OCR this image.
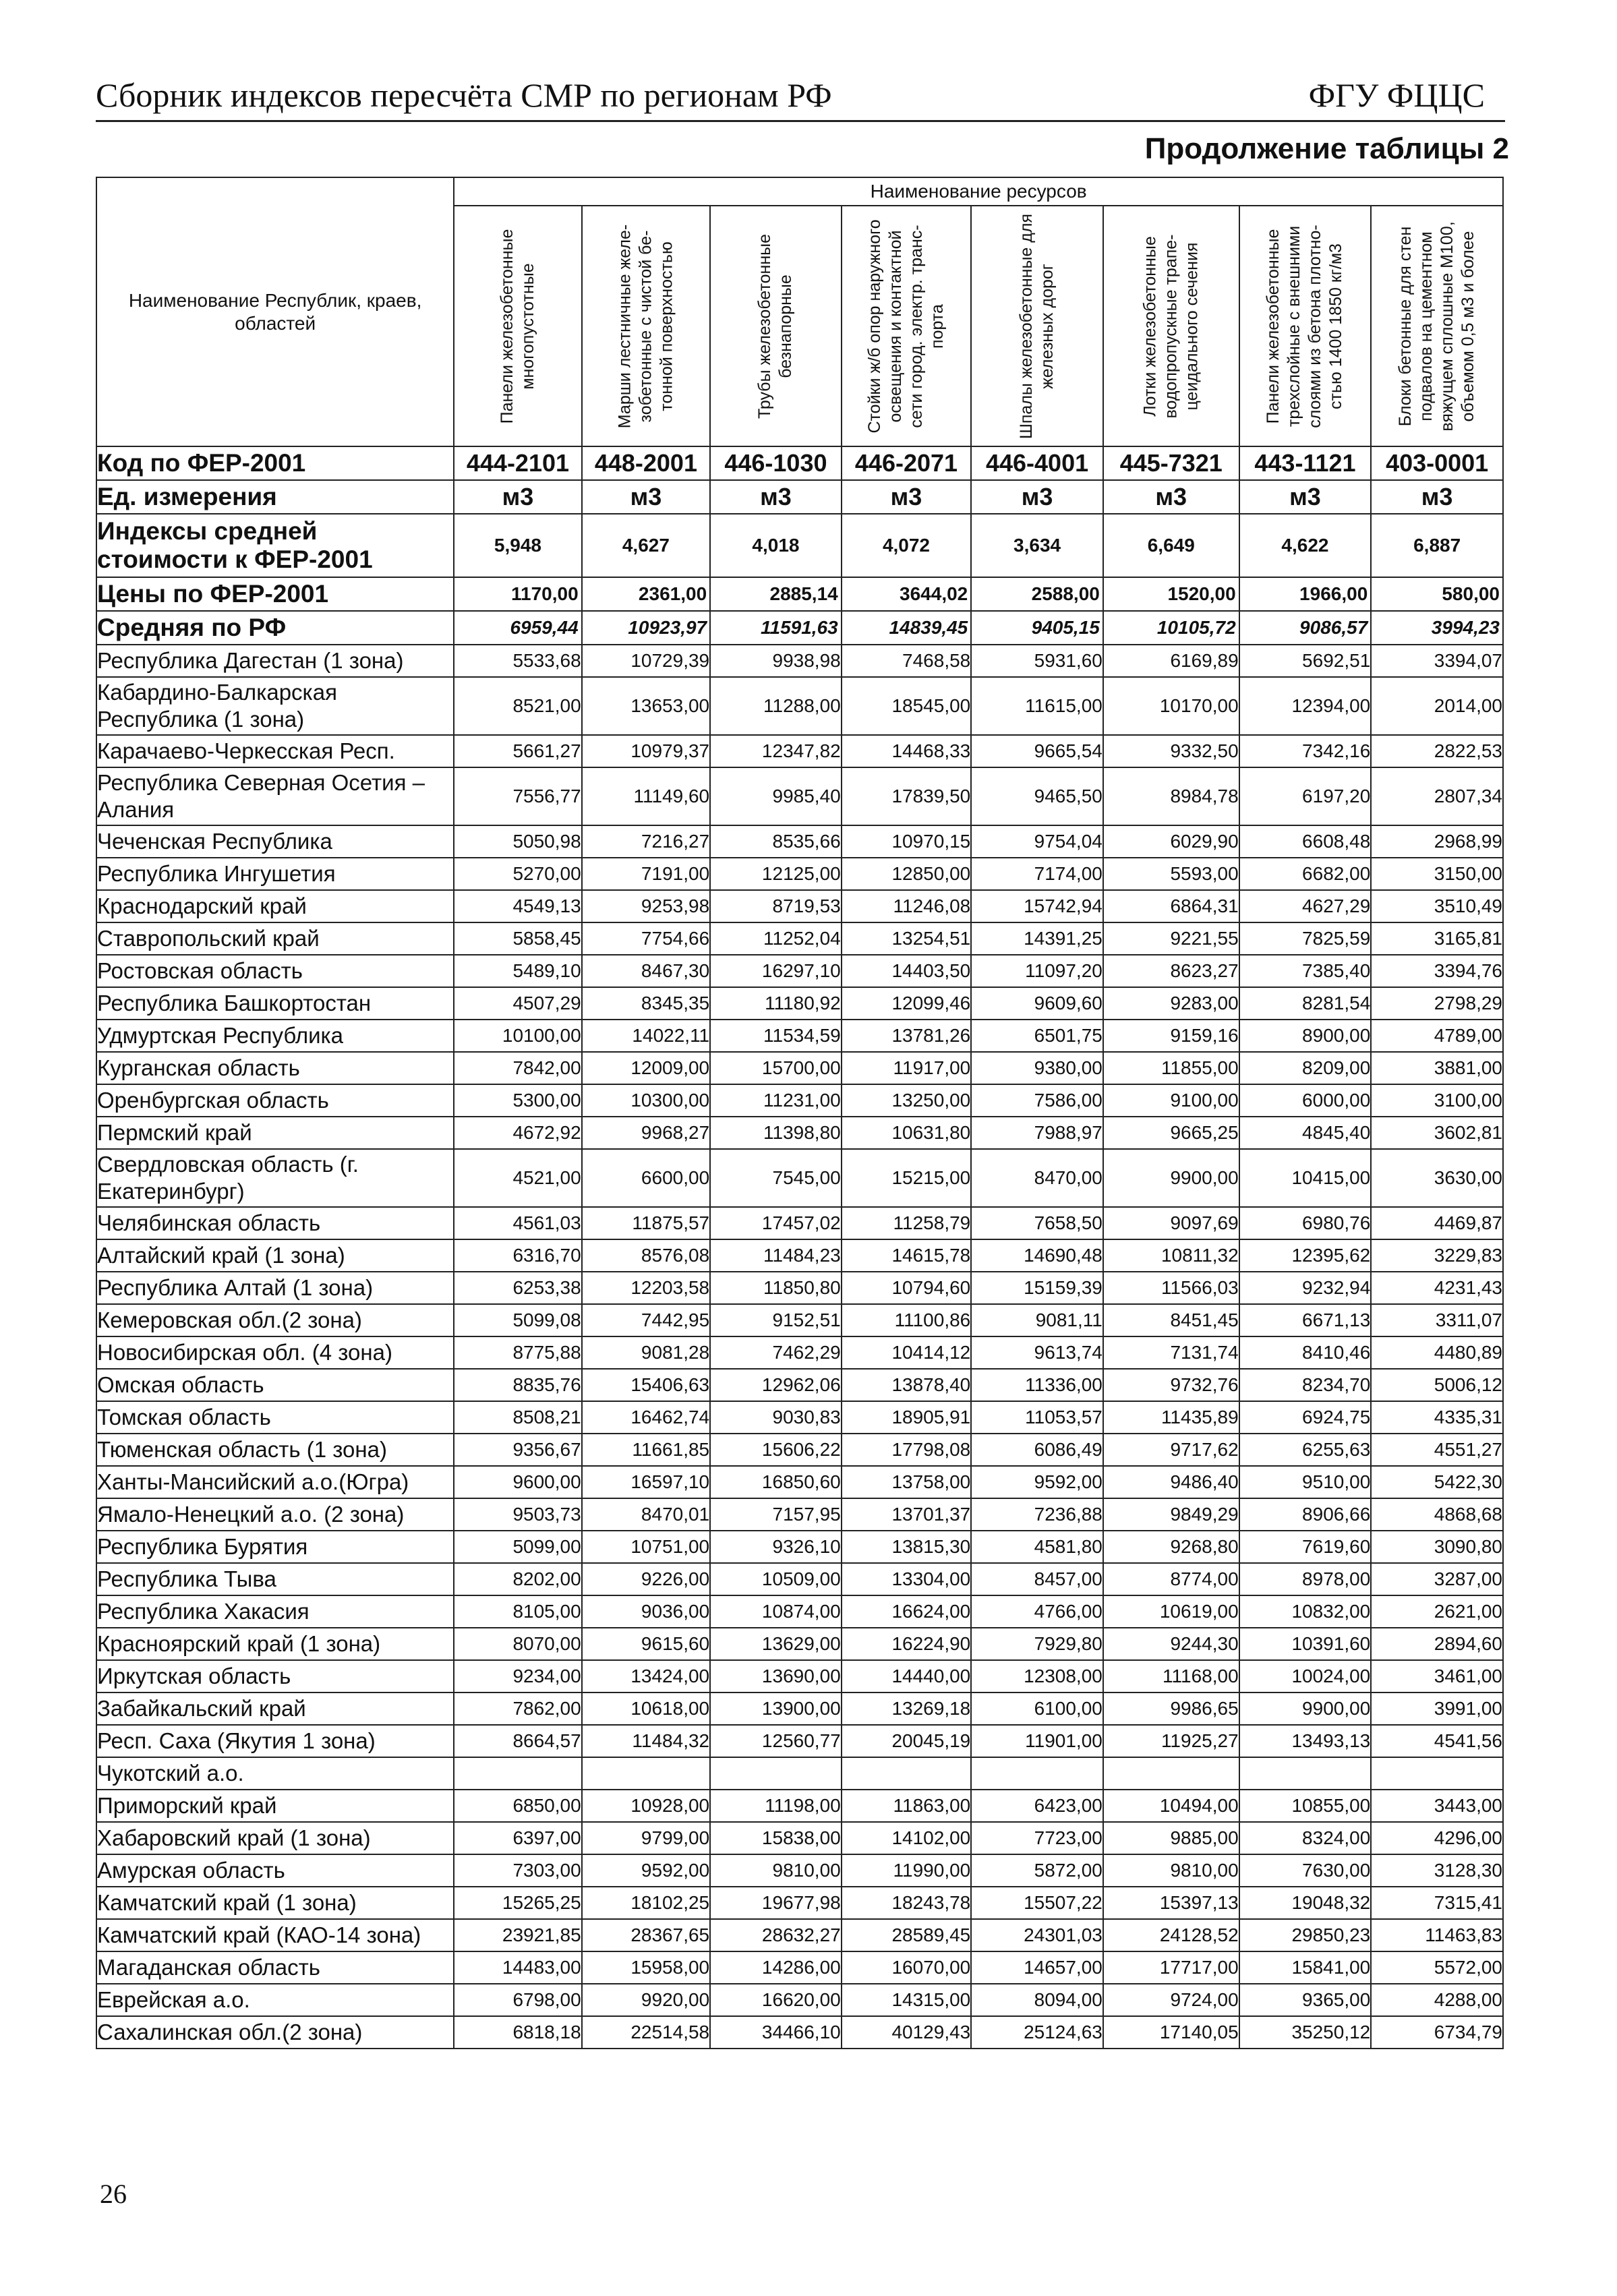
Сборник индексов пересчёта СМР по регионам РФ	ФГУ ФЦЦС
Продолжение таблицы 2
Наименование Республик, краев, областей	Наименование ресурсов							

	Панели железобетонные многопустотные	Марши лестничные желе-зобетонные с чистой бе-тонной поверхностью	Трубы железобетонные безнапорные	Стойки ж/б опор наружного освещения и контактной сети город. электр. транс-порта	Шпалы железобетонные для железных дорог	Лотки железобетонные водопропускные трапе-цеидального сечения	Панели железобетонные трехслойные с внешними слоями из бетона плотно-стью 1400 1850 кг/м3	Блоки бетонные для стен подвалов на цементном вяжущем сплошные М100, объемом 0,5 м3 и более

Код по ФЕР-2001	444-2101	448-2001	446-1030	446-2071	446-4001	445-7321	443-1121	403-0001
Ед. измерения	м3	м3	м3	м3	м3	м3	м3	м3
Индексы средней стоимости к ФЕР-2001	5,948	4,627	4,018	4,072	3,634	6,649	4,622	6,887
Цены по ФЕР-2001	1170,00	2361,00	2885,14	3644,02	2588,00	1520,00	1966,00	580,00
Средняя по РФ	6959,44	10923,97	11591,63	14839,45	9405,15	10105,72	9086,57	3994,23
Республика Дагестан (1 зона)	5533,68	10729,39	9938,98	7468,58	5931,60	6169,89	5692,51	3394,07
Кабардино-Балкарская Республика (1 зона)	8521,00	13653,00	11288,00	18545,00	11615,00	10170,00	12394,00	2014,00
Карачаево-Черкесская Респ.	5661,27	10979,37	12347,82	14468,33	9665,54	9332,50	7342,16	2822,53
Республика Северная Осетия – Алания	7556,77	11149,60	9985,40	17839,50	9465,50	8984,78	6197,20	2807,34
Чеченская Республика	5050,98	7216,27	8535,66	10970,15	9754,04	6029,90	6608,48	2968,99
Республика Ингушетия	5270,00	7191,00	12125,00	12850,00	7174,00	5593,00	6682,00	3150,00
Краснодарский край	4549,13	9253,98	8719,53	11246,08	15742,94	6864,31	4627,29	3510,49
Ставропольский край	5858,45	7754,66	11252,04	13254,51	14391,25	9221,55	7825,59	3165,81
Ростовская область	5489,10	8467,30	16297,10	14403,50	11097,20	8623,27	7385,40	3394,76
Республика Башкортостан	4507,29	8345,35	11180,92	12099,46	9609,60	9283,00	8281,54	2798,29
Удмуртская Республика	10100,00	14022,11	11534,59	13781,26	6501,75	9159,16	8900,00	4789,00
Курганская область	7842,00	12009,00	15700,00	11917,00	9380,00	11855,00	8209,00	3881,00
Оренбургская область	5300,00	10300,00	11231,00	13250,00	7586,00	9100,00	6000,00	3100,00
Пермский край	4672,92	9968,27	11398,80	10631,80	7988,97	9665,25	4845,40	3602,81
Свердловская область (г. Екатеринбург)	4521,00	6600,00	7545,00	15215,00	8470,00	9900,00	10415,00	3630,00
Челябинская область	4561,03	11875,57	17457,02	11258,79	7658,50	9097,69	6980,76	4469,87
Алтайский край (1 зона)	6316,70	8576,08	11484,23	14615,78	14690,48	10811,32	12395,62	3229,83
Республика Алтай (1 зона)	6253,38	12203,58	11850,80	10794,60	15159,39	11566,03	9232,94	4231,43
Кемеровская обл.(2 зона)	5099,08	7442,95	9152,51	11100,86	9081,11	8451,45	6671,13	3311,07
Новосибирская обл. (4 зона)	8775,88	9081,28	7462,29	10414,12	9613,74	7131,74	8410,46	4480,89
Омская область	8835,76	15406,63	12962,06	13878,40	11336,00	9732,76	8234,70	5006,12
Томская область	8508,21	16462,74	9030,83	18905,91	11053,57	11435,89	6924,75	4335,31
Тюменская область (1 зона)	9356,67	11661,85	15606,22	17798,08	6086,49	9717,62	6255,63	4551,27
Ханты-Мансийский а.о.(Югра)	9600,00	16597,10	16850,60	13758,00	9592,00	9486,40	9510,00	5422,30
Ямало-Ненецкий а.о. (2 зона)	9503,73	8470,01	7157,95	13701,37	7236,88	9849,29	8906,66	4868,68
Республика Бурятия	5099,00	10751,00	9326,10	13815,30	4581,80	9268,80	7619,60	3090,80
Республика Тыва	8202,00	9226,00	10509,00	13304,00	8457,00	8774,00	8978,00	3287,00
Республика Хакасия	8105,00	9036,00	10874,00	16624,00	4766,00	10619,00	10832,00	2621,00
Красноярский край (1 зона)	8070,00	9615,60	13629,00	16224,90	7929,80	9244,30	10391,60	2894,60
Иркутская область	9234,00	13424,00	13690,00	14440,00	12308,00	11168,00	10024,00	3461,00
Забайкальский край	7862,00	10618,00	13900,00	13269,18	6100,00	9986,65	9900,00	3991,00
Респ. Саха (Якутия 1 зона)	8664,57	11484,32	12560,77	20045,19	11901,00	11925,27	13493,13	4541,56
Чукотский а.о.								
Приморский край	6850,00	10928,00	11198,00	11863,00	6423,00	10494,00	10855,00	3443,00
Хабаровский край (1 зона)	6397,00	9799,00	15838,00	14102,00	7723,00	9885,00	8324,00	4296,00
Амурская область	7303,00	9592,00	9810,00	11990,00	5872,00	9810,00	7630,00	3128,30
Камчатский край (1 зона)	15265,25	18102,25	19677,98	18243,78	15507,22	15397,13	19048,32	7315,41
Камчатский край (КАО-14 зона)	23921,85	28367,65	28632,27	28589,45	24301,03	24128,52	29850,23	11463,83
Магаданская область	14483,00	15958,00	14286,00	16070,00	14657,00	17717,00	15841,00	5572,00
Еврейская а.о.	6798,00	9920,00	16620,00	14315,00	8094,00	9724,00	9365,00	4288,00
Сахалинская обл.(2 зона)	6818,18	22514,58	34466,10	40129,43	25124,63	17140,05	35250,12	6734,79
26
